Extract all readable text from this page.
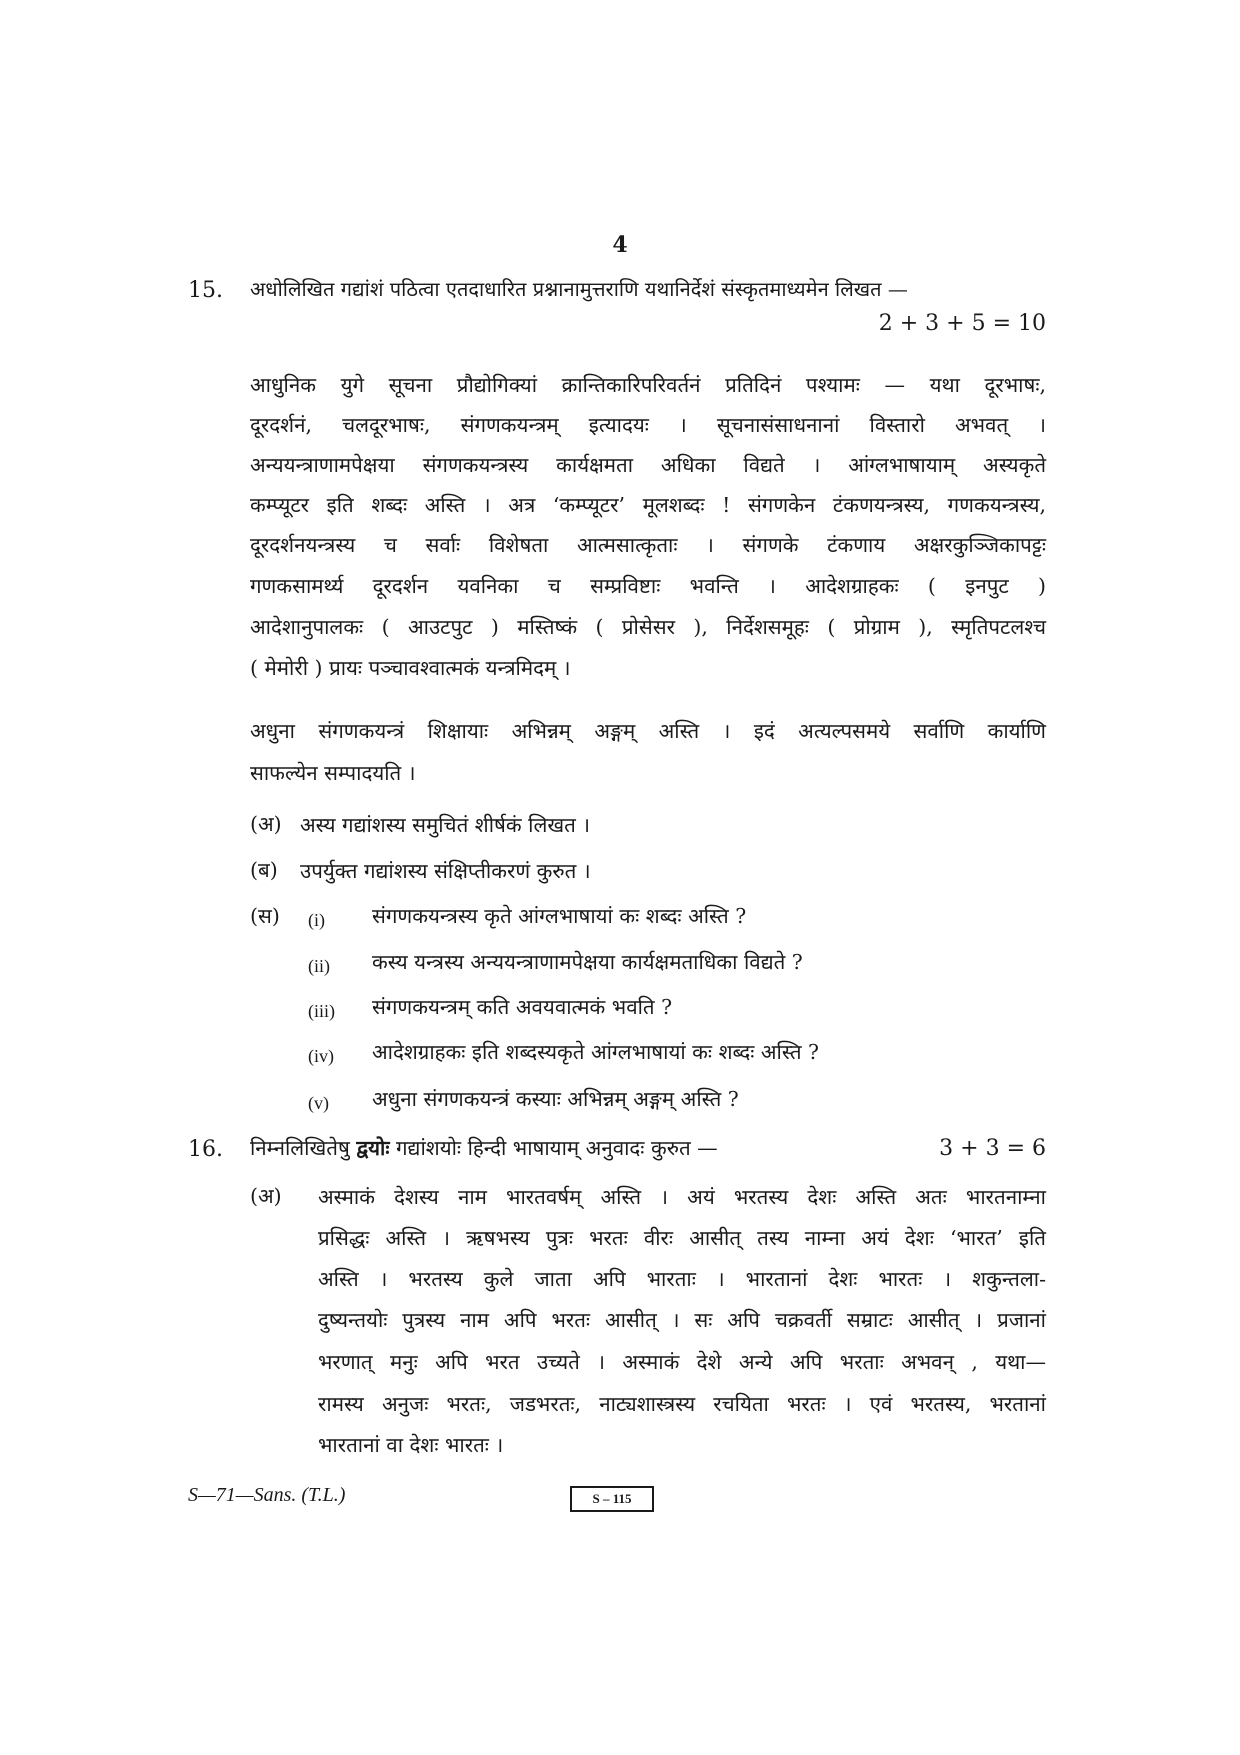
4
15. अधोलिखित गद्यांशं पठित्वा एतदाधारित प्रश्नानामुत्तराणि यथानिर्देशं संस्कृतमाध्यमेन लिखत —
2 + 3 + 5 = 10
आधुनिक युगे सूचना प्रौद्योगिक्यां क्रान्तिकारिपरिवर्तनं प्रतिदिनं पश्यामः — यथा दूरभाषः,
दूरदर्शनं, चलदूरभाषः, संगणकयन्त्रम् इत्यादयः । सूचनासंसाधनानां विस्तारो अभवत् ।
अन्ययन्त्राणामपेक्षया संगणकयन्त्रस्य कार्यक्षमता अधिका विद्यते । आंग्लभाषायाम् अस्यकृते
कम्प्यूटर इति शब्दः अस्ति । अत्र ‘कम्प्यूटर’ मूलशब्दः ! संगणकेन टंकणयन्त्रस्य, गणकयन्त्रस्य,
दूरदर्शनयन्त्रस्य च सर्वाः विशेषता आत्मसात्कृताः । संगणके टंकणाय अक्षरकुञ्जिकापट्टः
गणकसामर्थ्य दूरदर्शन यवनिका च सम्प्रविष्टाः भवन्ति । आदेशग्राहकः ( इनपुट )
आदेशानुपालकः ( आउटपुट ) मस्तिष्कं ( प्रोसेसर ), निर्देशसमूहः ( प्रोग्राम ), स्मृतिपटलश्च
( मेमोरी ) प्रायः पञ्चावश्वात्मकं यन्त्रमिदम् ।
अधुना संगणकयन्त्रं शिक्षायाः अभिन्नम् अङ्गम् अस्ति । इदं अत्यल्पसमये सर्वाणि कार्याणि
साफल्येन सम्पादयति ।
(अ) अस्य गद्यांशस्य समुचितं शीर्षकं लिखत ।
(ब) उपर्युक्त गद्यांशस्य संक्षिप्तीकरणं कुरुत ।
(स) (i) संगणकयन्त्रस्य कृते आंग्लभाषायां कः शब्दः अस्ति ?
(ii) कस्य यन्त्रस्य अन्ययन्त्राणामपेक्षया कार्यक्षमताधिका विद्यते ?
(iii) संगणकयन्त्रम् कति अवयवात्मकं भवति ?
(iv) आदेशग्राहकः इति शब्दस्यकृते आंग्लभाषायां कः शब्दः अस्ति ?
(v) अधुना संगणकयन्त्रं कस्याः अभिन्नम् अङ्गम् अस्ति ?
16. निम्नलिखितेषु द्वयोः गद्यांशयोः हिन्दी भाषायाम् अनुवादः कुरुत —	3 + 3 = 6
(अ) अस्माकं देशस्य नाम भारतवर्षम् अस्ति । अयं भरतस्य देशः अस्ति अतः भारतनाम्ना
प्रसिद्धः अस्ति । ऋषभस्य पुत्रः भरतः वीरः आसीत् तस्य नाम्ना अयं देशः ‘भारत’ इति
अस्ति । भरतस्य कुले जाता अपि भारताः । भारतानां देशः भारतः । शकुन्तला-
दुष्यन्तयोः पुत्रस्य नाम अपि भरतः आसीत् । सः अपि चक्रवर्ती सम्राटः आसीत् । प्रजानां
भरणात् मनुः अपि भरत उच्यते । अस्माकं देशे अन्ये अपि भरताः अभवन् , यथा—
रामस्य अनुजः भरतः, जडभरतः, नाट्यशास्त्रस्य रचयिता भरतः । एवं भरतस्य, भरतानां
भारतानां वा देशः भारतः ।
S—71—Sans. (T.L.)	S – 115
